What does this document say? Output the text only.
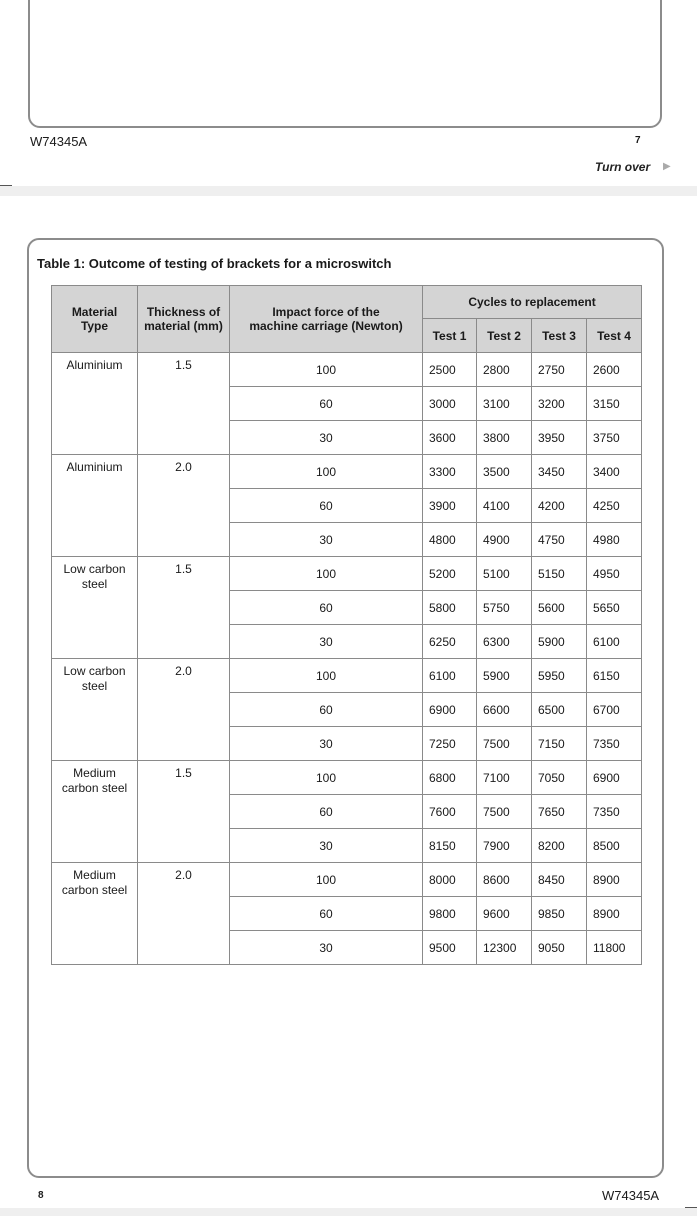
W74345A	7
Turn over ▶
Table 1: Outcome of testing of brackets for a microswitch
Material Type	Thickness of material (mm)	Impact force of the machine carriage (Newton)	Cycles to replacement			
			Test 1	Test 2	Test 3	Test 4
Aluminium	1.5	100	2500	2800	2750	2600
		60	3000	3100	3200	3150
		30	3600	3800	3950	3750
Aluminium	2.0	100	3300	3500	3450	3400
		60	3900	4100	4200	4250
		30	4800	4900	4750	4980
Low carbon steel	1.5	100	5200	5100	5150	4950
		60	5800	5750	5600	5650
		30	6250	6300	5900	6100
Low carbon steel	2.0	100	6100	5900	5950	6150
		60	6900	6600	6500	6700
		30	7250	7500	7150	7350
Medium carbon steel	1.5	100	6800	7100	7050	6900
		60	7600	7500	7650	7350
		30	8150	7900	8200	8500
Medium carbon steel	2.0	100	8000	8600	8450	8900
		60	9800	9600	9850	8900
		30	9500	12300	9050	11800
8	W74345A
